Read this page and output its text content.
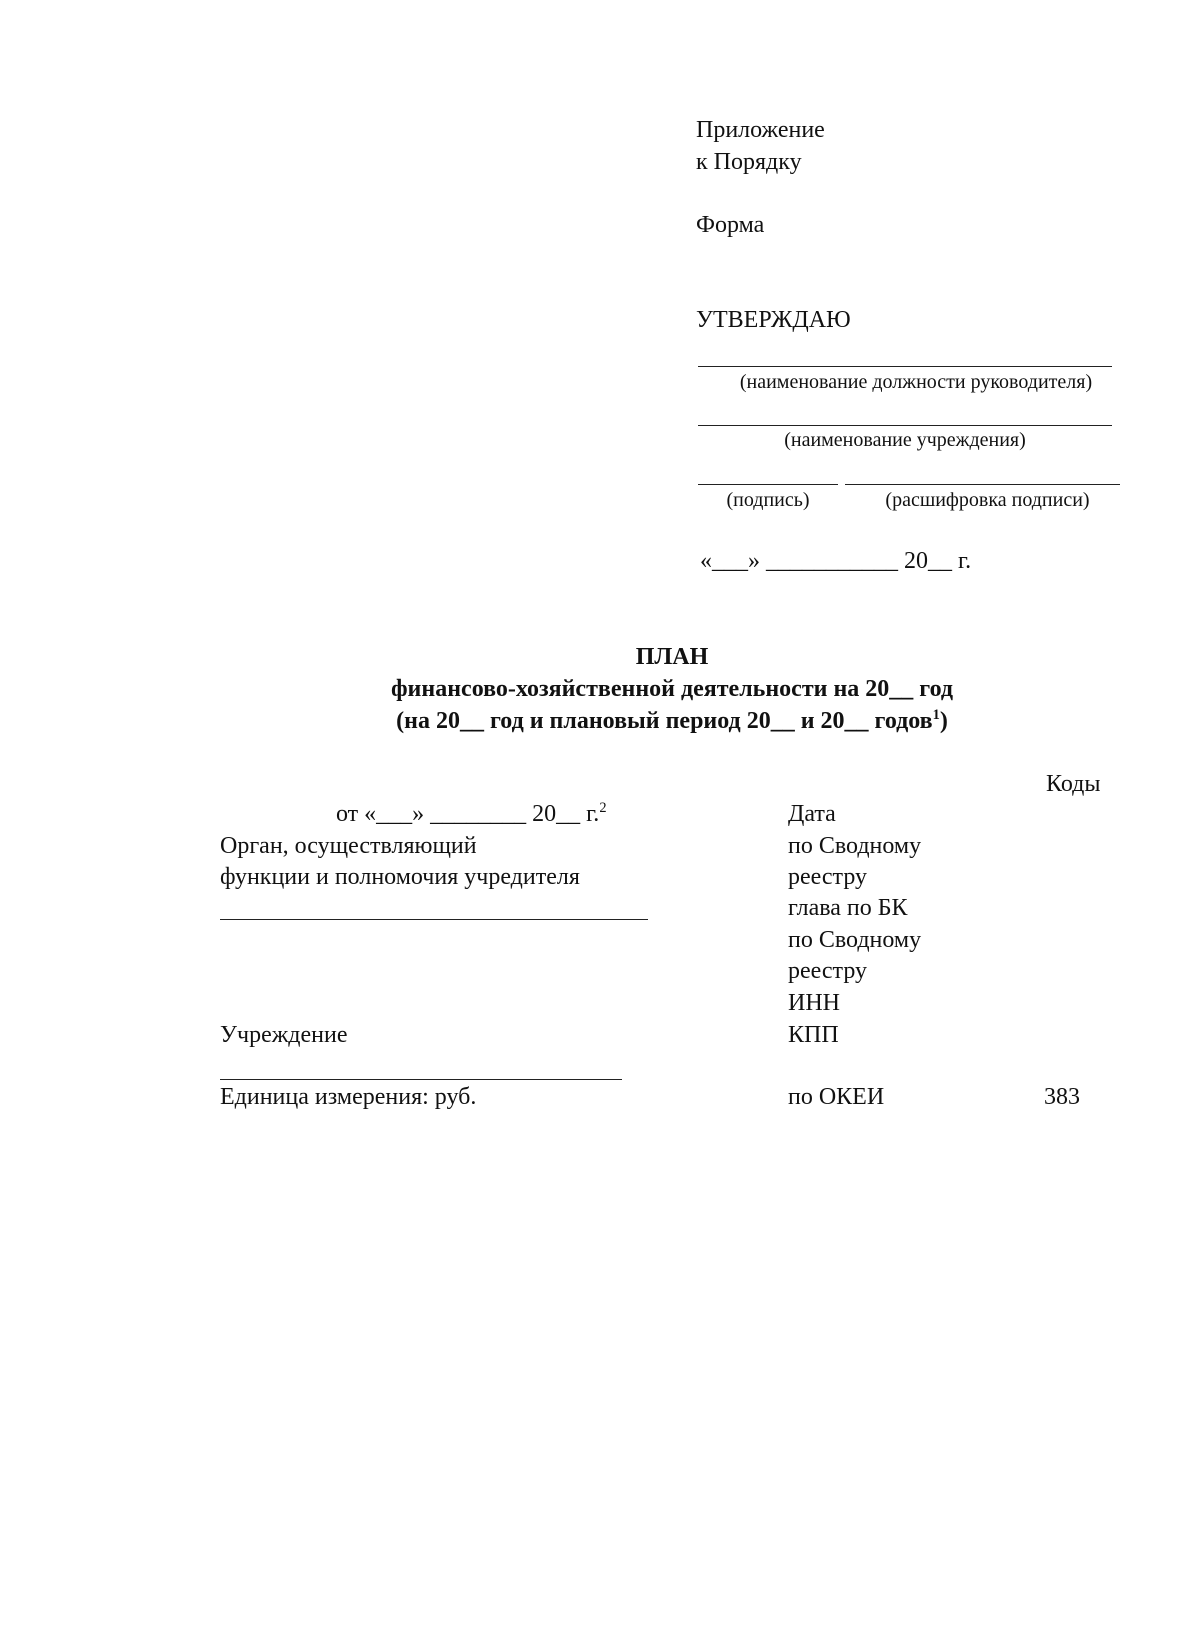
Приложение
к Порядку
Форма
УТВЕРЖДАЮ
(наименование должности руководителя)
(наименование учреждения)
(подпись)	(расшифровка подписи)
«___» ___________ 20__ г.
ПЛАН
финансово-хозяйственной деятельности на 20__ год
(на 20__ год и плановый период 20__ и 20__ годов$^1$)
Коды
от «___» ________ 20__ г.$^2$
Орган, осуществляющий
функции и полномочия учредителя
Учреждение
Единица измерения: руб.
Дата
по Сводному
реестру
глава по БК
по Сводному
реестру
ИНН
КПП
по ОКЕИ	383
